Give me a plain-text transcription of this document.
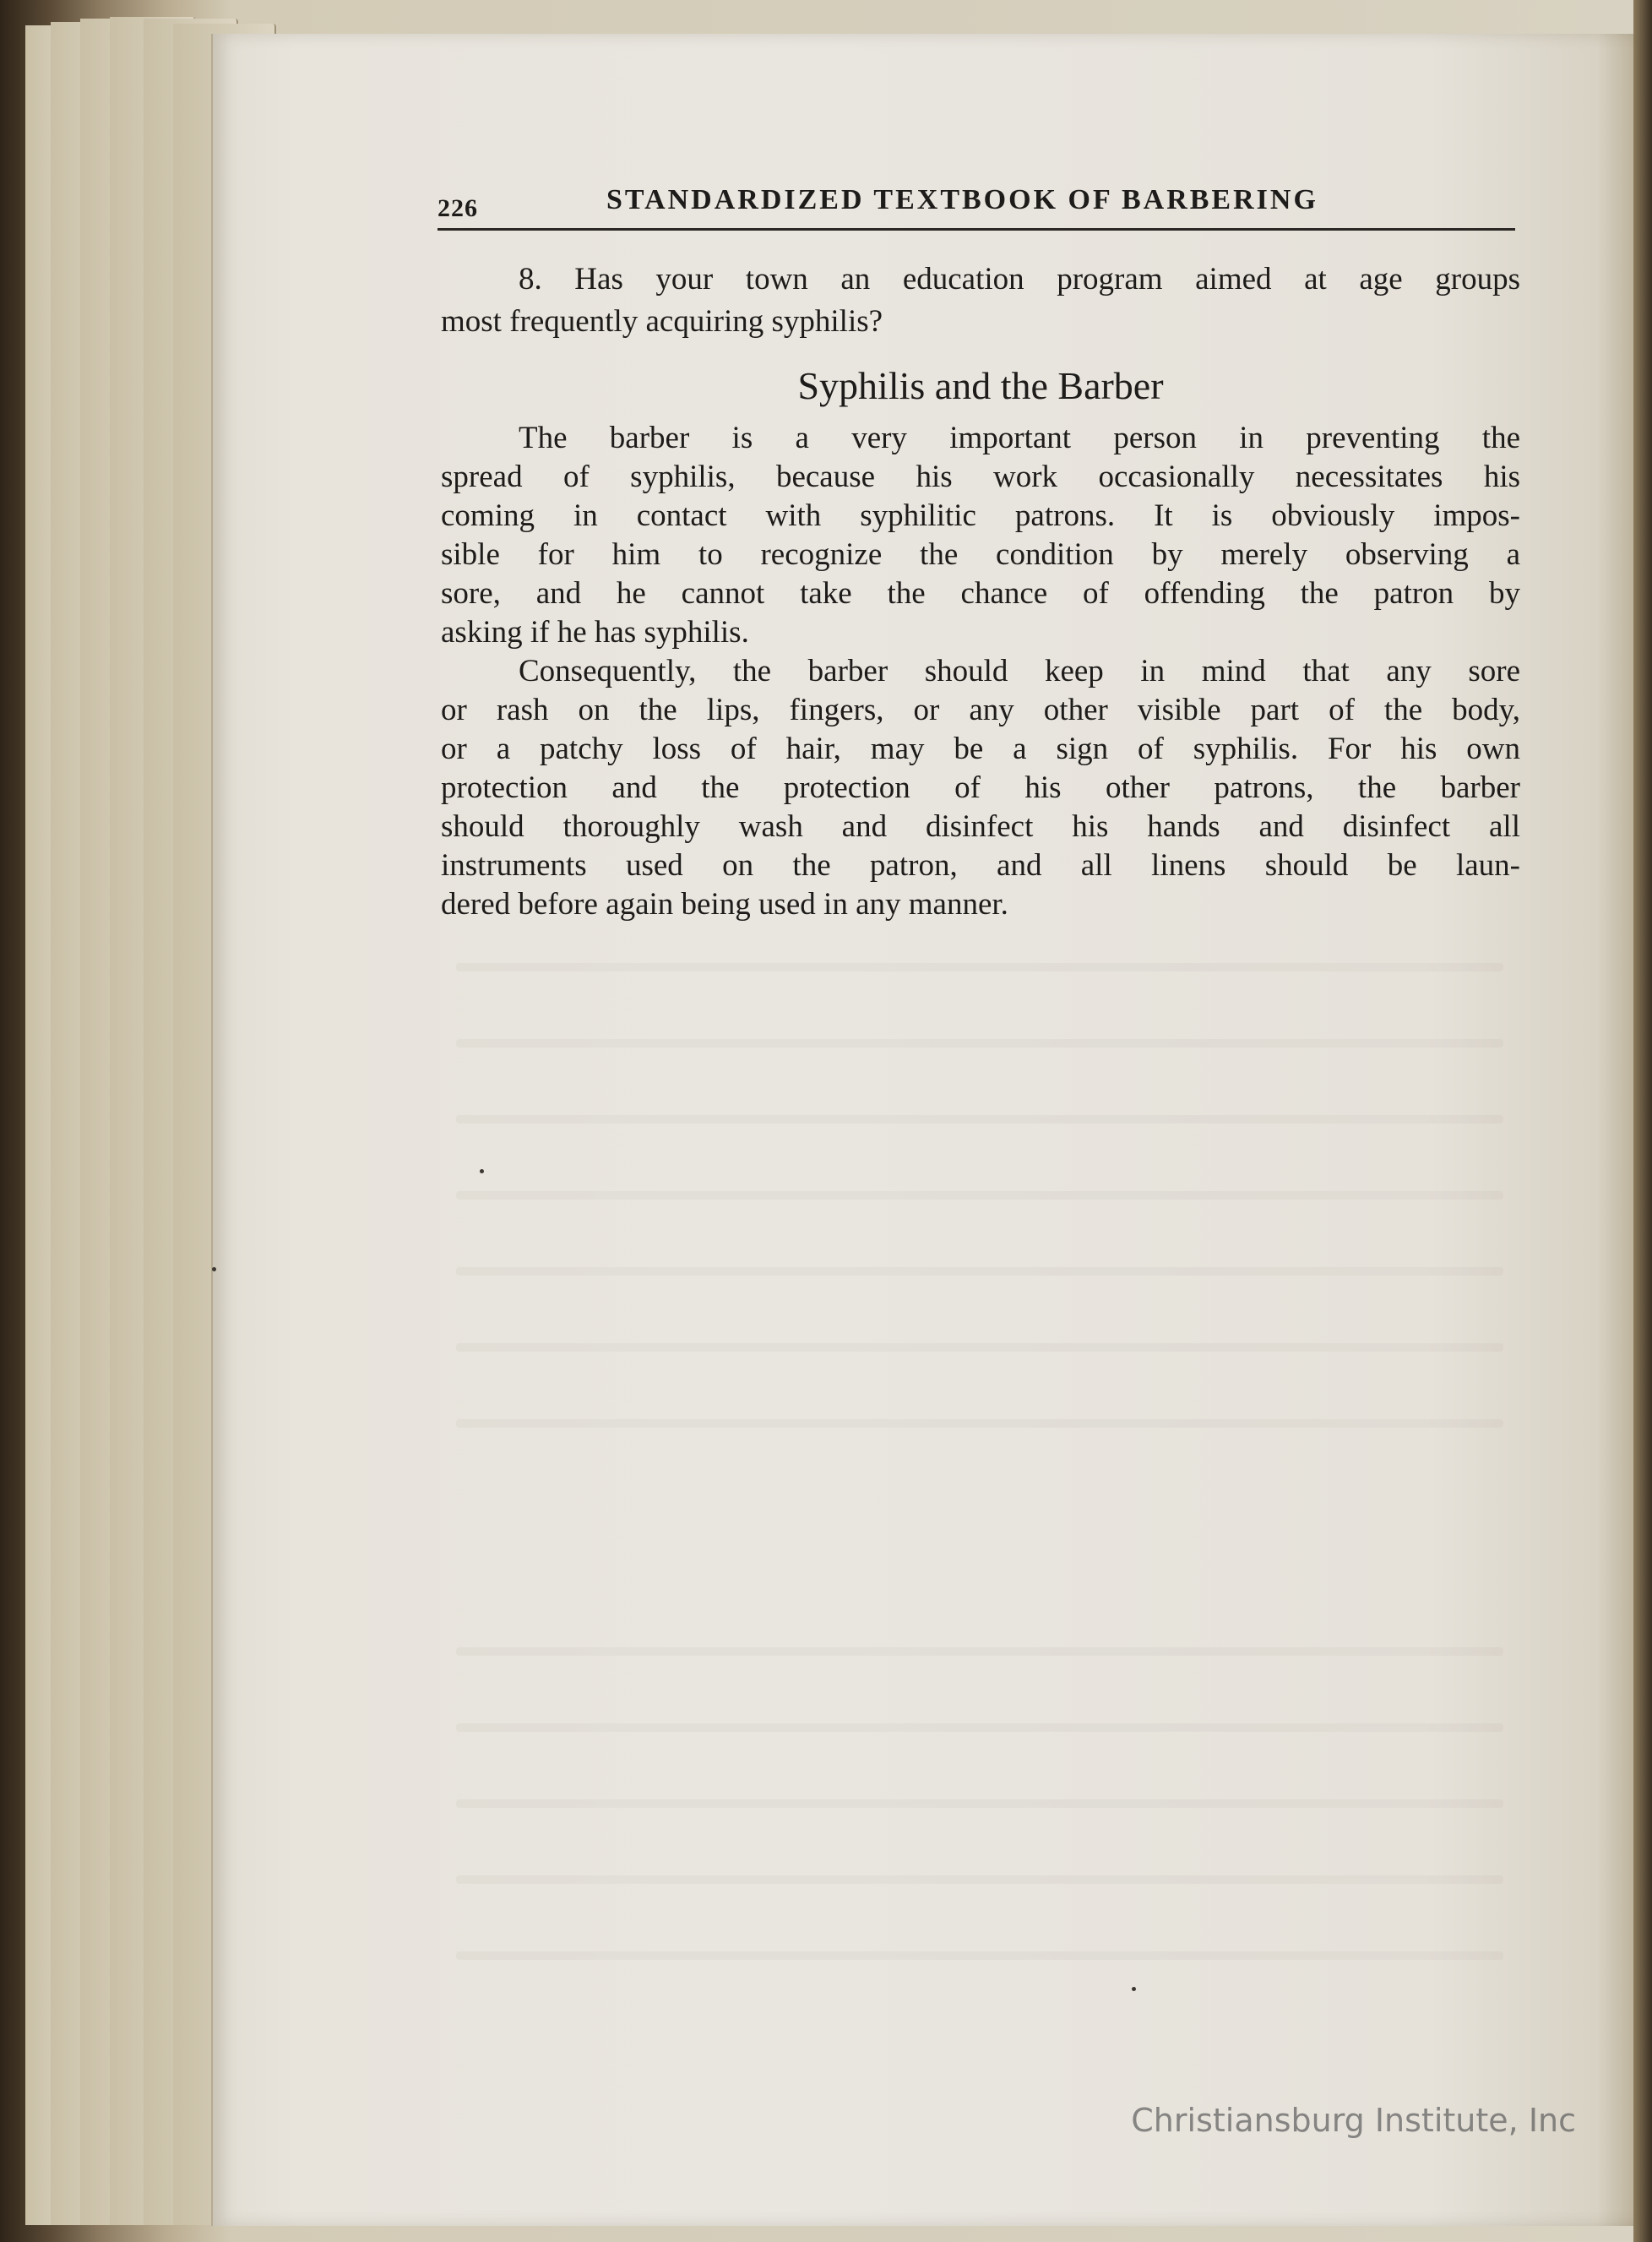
226	STANDARDIZED TEXTBOOK OF BARBERING
8. Has your town an education program aimed at age groups
most frequently acquiring syphilis?
Syphilis and the Barber
The barber is a very important person in preventing the
spread of syphilis, because his work occasionally necessitates his
coming in contact with syphilitic patrons. It is obviously impos-
sible for him to recognize the condition by merely observing a
sore, and he cannot take the chance of offending the patron by
asking if he has syphilis.
Consequently, the barber should keep in mind that any sore
or rash on the lips, fingers, or any other visible part of the body,
or a patchy loss of hair, may be a sign of syphilis. For his own
protection and the protection of his other patrons, the barber
should thoroughly wash and disinfect his hands and disinfect all
instruments used on the patron, and all linens should be laun-
dered before again being used in any manner.
Christiansburg Institute, Inc
